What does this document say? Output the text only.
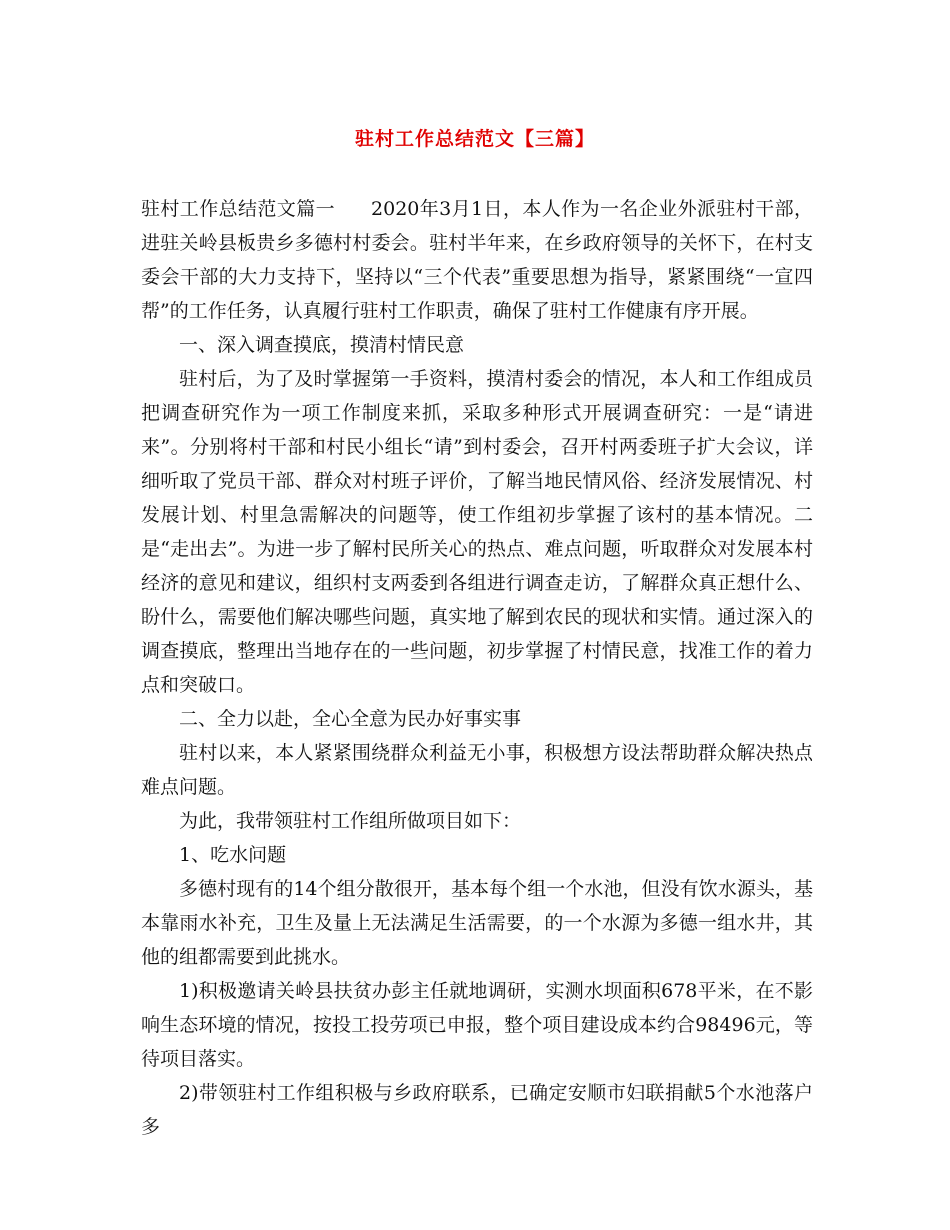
驻村工作总结范文【三篇】

驻村工作总结范文篇一 2020年3月1日，本人作为一名企业外派驻村干部，进驻关岭县板贵乡多德村村委会。驻村半年来，在乡政府领导的关怀下，在村支委会干部的大力支持下，坚持以“三个代表”重要思想为指导，紧紧围绕“一宣四帮”的工作任务，认真履行驻村工作职责，确保了驻村工作健康有序开展。

一、深入调查摸底，摸清村情民意

驻村后，为了及时掌握第一手资料，摸清村委会的情况，本人和工作组成员把调查研究作为一项工作制度来抓，采取多种形式开展调查研究：一是“请进来”。分别将村干部和村民小组长“请”到村委会，召开村两委班子扩大会议，详细听取了党员干部、群众对村班子评价，了解当地民情风俗、经济发展情况、村发展计划、村里急需解决的问题等，使工作组初步掌握了该村的基本情况。二是“走出去”。为进一步了解村民所关心的热点、难点问题，听取群众对发展本村经济的意见和建议，组织村支两委到各组进行调查走访，了解群众真正想什么、盼什么，需要他们解决哪些问题，真实地了解到农民的现状和实情。通过深入的调查摸底，整理出当地存在的一些问题，初步掌握了村情民意，找准工作的着力点和突破口。

二、全力以赴，全心全意为民办好事实事

驻村以来，本人紧紧围绕群众利益无小事，积极想方设法帮助群众解决热点难点问题。

为此，我带领驻村工作组所做项目如下：

1、吃水问题

多德村现有的14个组分散很开，基本每个组一个水池，但没有饮水源头，基本靠雨水补充，卫生及量上无法满足生活需要，的一个水源为多德一组水井，其他的组都需要到此挑水。

1)积极邀请关岭县扶贫办彭主任就地调研，实测水坝面积678平米，在不影响生态环境的情况，按投工投劳项已申报，整个项目建设成本约合98496元，等待项目落实。

2)带领驻村工作组积极与乡政府联系，已确定安顺市妇联捐献5个水池落户多
